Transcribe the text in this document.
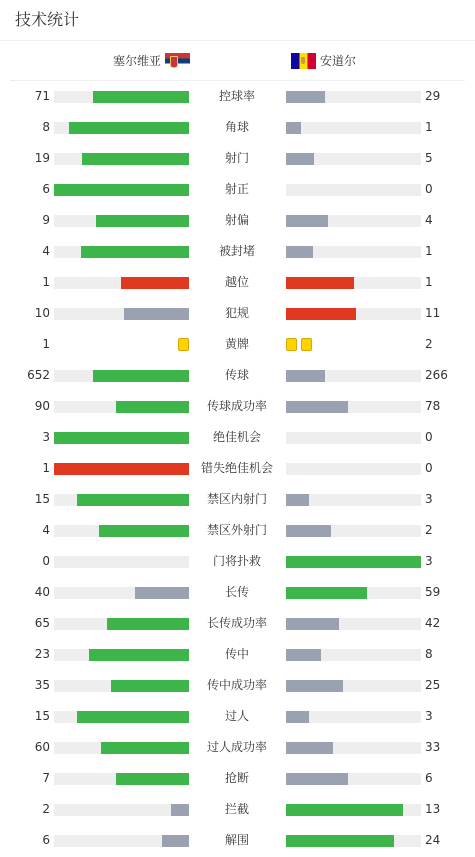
技术统计
塞尔维亚	安道尔
71	控球率	29
8	角球	1
19	射门	5
6	射正	0
9	射偏	4
4	被封堵	1
1	越位	1
10	犯规	11
1	黄牌	2
652	传球	266
90	传球成功率	78
3	绝佳机会	0
1	错失绝佳机会	0
15	禁区内射门	3
4	禁区外射门	2
0	门将扑救	3
40	长传	59
65	长传成功率	42
23	传中	8
35	传中成功率	25
15	过人	3
60	过人成功率	33
7	抢断	6
2	拦截	13
6	解围	24
